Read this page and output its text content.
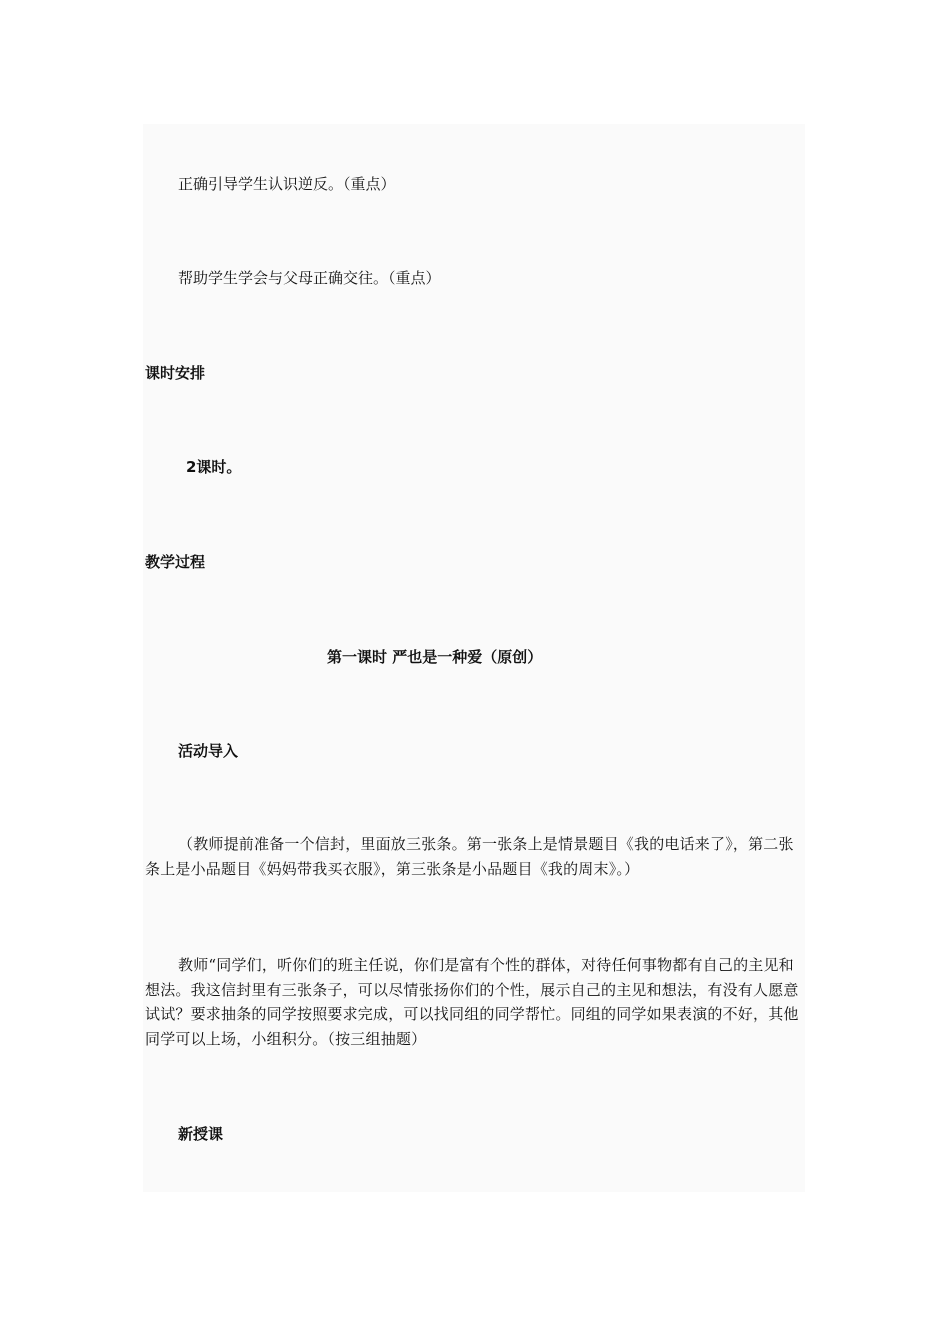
正确引导学生认识逆反。（重点）
帮助学生学会与父母正确交往。（重点）
课时安排
2课时。
教学过程
第一课时 严也是一种爱（原创）
活动导入
（教师提前准备一个信封，里面放三张条。第一张条上是情景题目《我的电话来了》，第二张条上是小品题目《妈妈带我买衣服》，第三张条是小品题目《我的周末》。）
教师“同学们，听你们的班主任说，你们是富有个性的群体，对待任何事物都有自己的主见和想法。我这信封里有三张条子，可以尽情张扬你们的个性，展示自己的主见和想法，有没有人愿意试试？要求抽条的同学按照要求完成，可以找同组的同学帮忙。同组的同学如果表演的不好，其他同学可以上场，小组积分。（按三组抽题）
新授课
